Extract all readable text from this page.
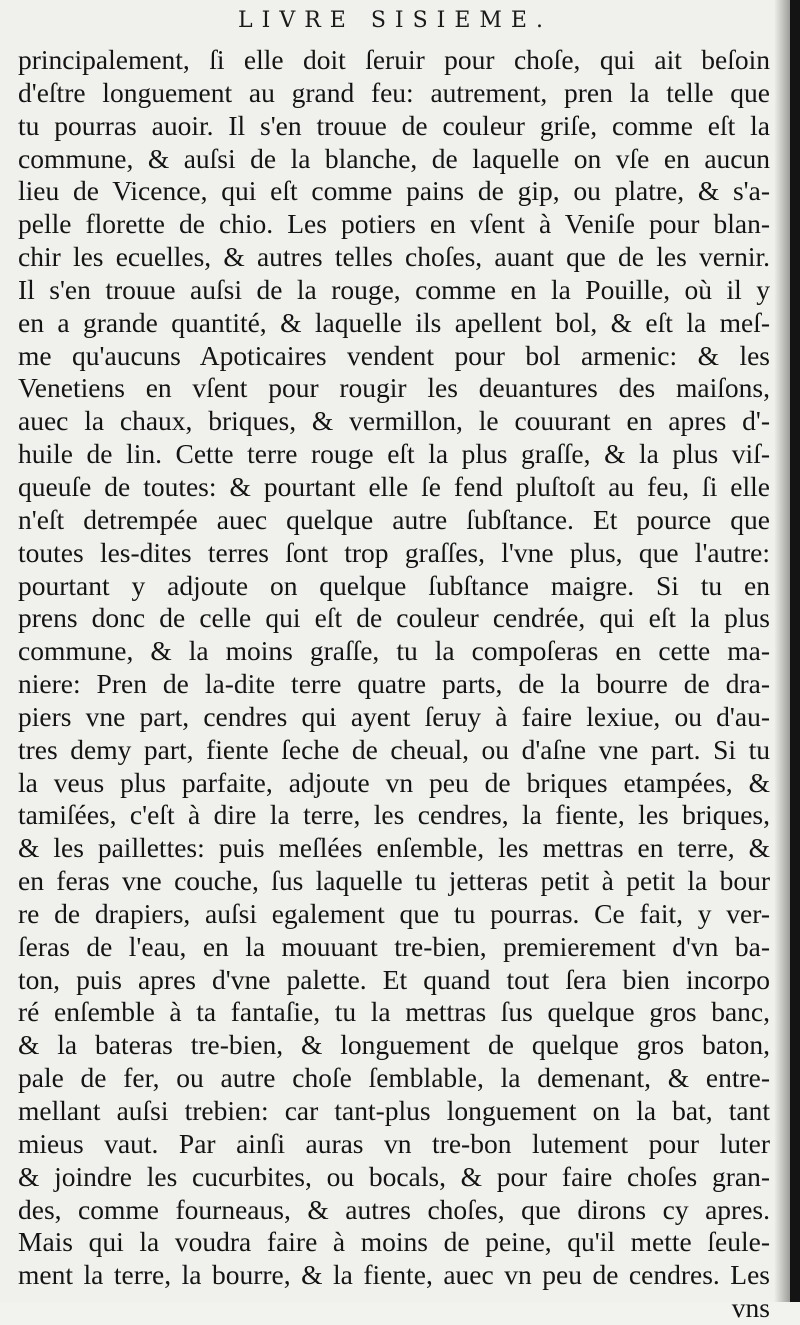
LIVRE SISIEME.
principalement, ſi elle doit ſeruir pour choſe, qui ait beſoin
d'eſtre longuement au grand feu: autrement, pren la telle que
tu pourras auoir. Il s'en trouue de couleur griſe, comme eſt la
commune, & auſsi de la blanche, de laquelle on vſe en aucun
lieu de Vicence, qui eſt comme pains de gip, ou platre, & s'a-
pelle florette de chio. Les potiers en vſent à Veniſe pour blan-
chir les ecuelles, & autres telles choſes, auant que de les vernir.
Il s'en trouue auſsi de la rouge, comme en la Pouille, où il y
en a grande quantité, & laquelle ils apellent bol, & eſt la meſ-
me qu'aucuns Apoticaires vendent pour bol armenic: & les
Venetiens en vſent pour rougir les deuantures des maiſons,
auec la chaux, briques, & vermillon, le couurant en apres d'-
huile de lin. Cette terre rouge eſt la plus graſſe, & la plus viſ-
queuſe de toutes: & pourtant elle ſe fend pluſtoſt au feu, ſi elle
n'eſt detrempée auec quelque autre ſubſtance. Et pource que
toutes les-dites terres ſont trop graſſes, l'vne plus, que l'autre:
pourtant y adjoute on quelque ſubſtance maigre. Si tu en
prens donc de celle qui eſt de couleur cendrée, qui eſt la plus
commune, & la moins graſſe, tu la compoſeras en cette ma-
niere: Pren de la-dite terre quatre parts, de la bourre de dra-
piers vne part, cendres qui ayent ſeruy à faire lexiue, ou d'au-
tres demy part, fiente ſeche de cheual, ou d'aſne vne part. Si tu
la veus plus parfaite, adjoute vn peu de briques etampées, &
tamiſées, c'eſt à dire la terre, les cendres, la fiente, les briques,
& les paillettes: puis meſlées enſemble, les mettras en terre, &
en feras vne couche, ſus laquelle tu jetteras petit à petit la bour
re de drapiers, auſsi egalement que tu pourras. Ce fait, y ver-
ſeras de l'eau, en la mouuant tre-bien, premierement d'vn ba-
ton, puis apres d'vne palette. Et quand tout ſera bien incorpo
ré enſemble à ta fantaſie, tu la mettras ſus quelque gros banc,
& la bateras tre-bien, & longuement de quelque gros baton,
pale de fer, ou autre choſe ſemblable, la demenant, & entre-
mellant auſsi trebien: car tant-plus longuement on la bat, tant
mieus vaut. Par ainſi auras vn tre-bon lutement pour luter
& joindre les cucurbites, ou bocals, & pour faire choſes gran-
des, comme fourneaus, & autres choſes, que dirons cy apres.
Mais qui la voudra faire à moins de peine, qu'il mette ſeule-
ment la terre, la bourre, & la fiente, auec vn peu de cendres. Les
vns
